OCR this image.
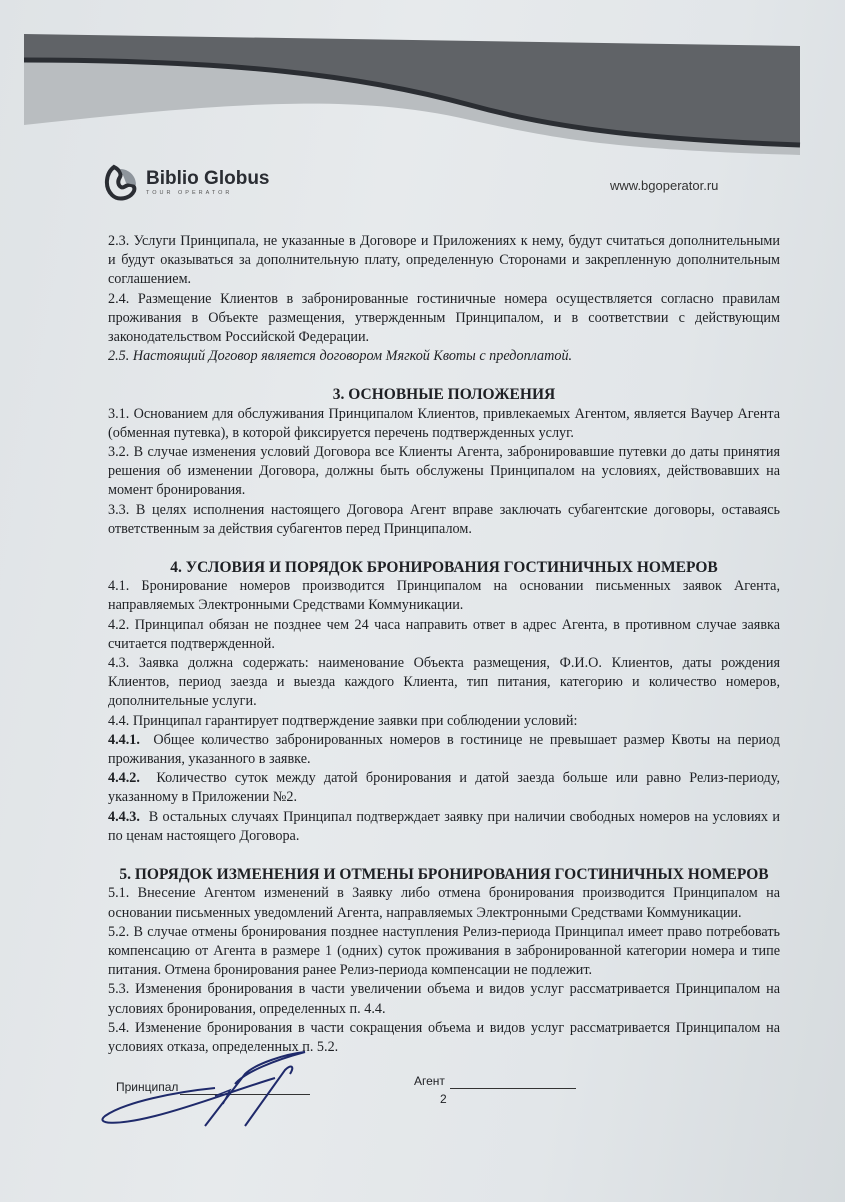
Biblio Globus
TOUR OPERATOR	www.bgoperator.ru

2.3. Услуги Принципала, не указанные в Договоре и Приложениях к нему, будут считаться дополнительными и будут оказываться за дополнительную плату, определенную Сторонами и закрепленную дополнительным соглашением.

2.4. Размещение Клиентов в забронированные гостиничные номера осуществляется согласно правилам проживания в Объекте размещения, утвержденным Принципалом, и в соответствии с действующим законодательством Российской Федерации.

2.5. Настоящий Договор является договором Мягкой Квоты с предоплатой.

3. ОСНОВНЫЕ ПОЛОЖЕНИЯ

3.1. Основанием для обслуживания Принципалом Клиентов, привлекаемых Агентом, является Ваучер Агента (обменная путевка), в которой фиксируется перечень подтвержденных услуг.

3.2. В случае изменения условий Договора все Клиенты Агента, забронировавшие путевки до даты принятия решения об изменении Договора, должны быть обслужены Принципалом на условиях, действовавших на момент бронирования.

3.3. В целях исполнения настоящего Договора Агент вправе заключать субагентские договоры, оставаясь ответственным за действия субагентов перед Принципалом.

4. УСЛОВИЯ И ПОРЯДОК БРОНИРОВАНИЯ ГОСТИНИЧНЫХ НОМЕРОВ

4.1. Бронирование номеров производится Принципалом на основании письменных заявок Агента, направляемых Электронными Средствами Коммуникации.

4.2. Принципал обязан не позднее чем 24 часа направить ответ в адрес Агента, в противном случае заявка считается подтвержденной.

4.3. Заявка должна содержать: наименование Объекта размещения, Ф.И.О. Клиентов, даты рождения Клиентов, период заезда и выезда каждого Клиента, тип питания, категорию и количество номеров, дополнительные услуги.

4.4. Принципал гарантирует подтверждение заявки при соблюдении условий:

4.4.1. Общее количество забронированных номеров в гостинице не превышает размер Квоты на период проживания, указанного в заявке.

4.4.2. Количество суток между датой бронирования и датой заезда больше или равно Релиз-периоду, указанному в Приложении №2.

4.4.3. В остальных случаях Принципал подтверждает заявку при наличии свободных номеров на условиях и по ценам настоящего Договора.

5. ПОРЯДОК ИЗМЕНЕНИЯ И ОТМЕНЫ БРОНИРОВАНИЯ ГОСТИНИЧНЫХ НОМЕРОВ

5.1. Внесение Агентом изменений в Заявку либо отмена бронирования производится Принципалом на основании письменных уведомлений Агента, направляемых Электронными Средствами Коммуникации.

5.2. В случае отмены бронирования позднее наступления Релиз-периода Принципал имеет право потребовать компенсацию от Агента в размере 1 (одних) суток проживания в забронированной категории номера и типе питания. Отмена бронирования ранее Релиз-периода компенсации не подлежит.

5.3. Изменения бронирования в части увеличении объема и видов услуг рассматривается Принципалом на условиях бронирования, определенных п. 4.4.

5.4. Изменение бронирования в части сокращения объема и видов услуг рассматривается Принципалом на условиях отказа, определенных п. 5.2.

Принципал	Агент
2
